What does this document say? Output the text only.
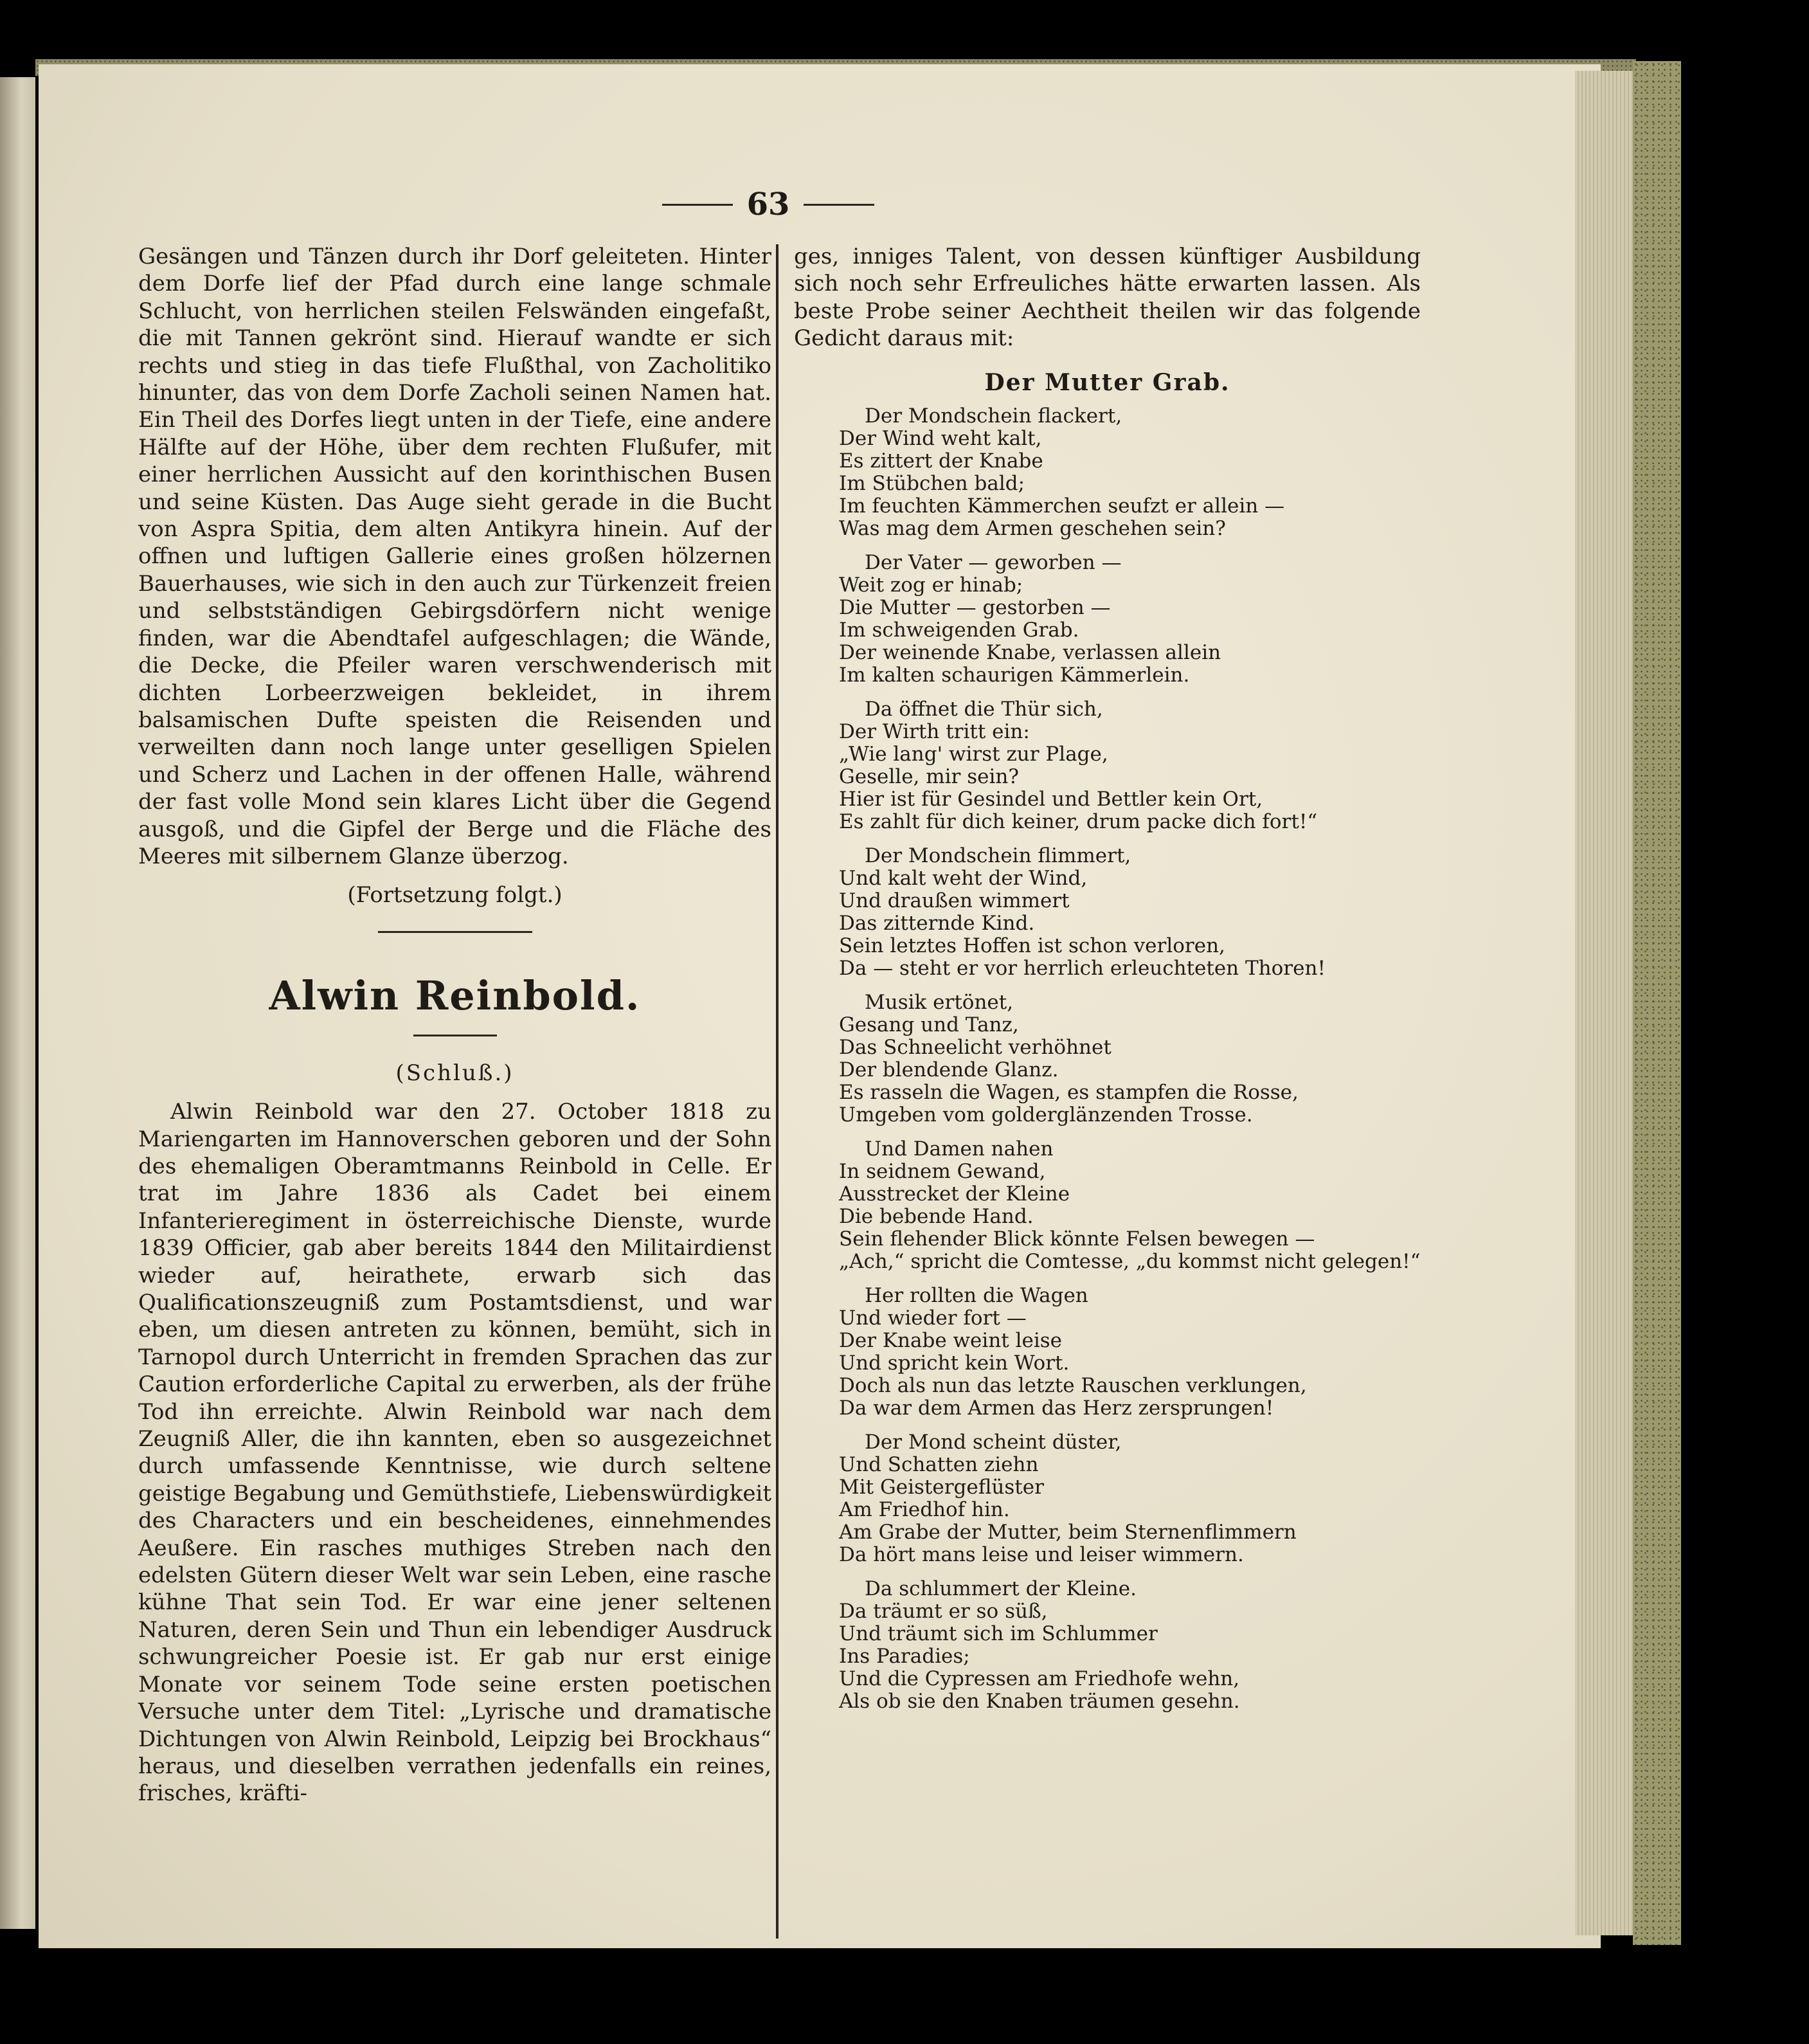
63

Gesängen und Tänzen durch ihr Dorf geleiteten. Hinter dem Dorfe lief der Pfad durch eine lange schmale Schlucht, von herrlichen steilen Felswänden eingefaßt, die mit Tannen gekrönt sind. Hierauf wandte er sich rechts und stieg in das tiefe Flußthal, von Zacholitiko hinunter, das von dem Dorfe Zacholi seinen Namen hat. Ein Theil des Dorfes liegt unten in der Tiefe, eine andere Hälfte auf der Höhe, über dem rechten Flußufer, mit einer herrlichen Aussicht auf den korinthischen Busen und seine Küsten. Das Auge sieht gerade in die Bucht von Aspra Spitia, dem alten Antikyra hinein. Auf der offnen und luftigen Gallerie eines großen hölzernen Bauerhauses, wie sich in den auch zur Türkenzeit freien und selbstständigen Gebirgsdörfern nicht wenige finden, war die Abendtafel aufgeschlagen; die Wände, die Decke, die Pfeiler waren verschwenderisch mit dichten Lorbeerzweigen bekleidet, in ihrem balsamischen Dufte speisten die Reisenden und verweilten dann noch lange unter geselligen Spielen und Scherz und Lachen in der offenen Halle, während der fast volle Mond sein klares Licht über die Gegend ausgoß, und die Gipfel der Berge und die Fläche des Meeres mit silbernem Glanze überzog.

(Fortsetzung folgt.)
Alwin Reinbold.
(Schluß.)

Alwin Reinbold war den 27. October 1818 zu Mariengarten im Hannoverschen geboren und der Sohn des ehemaligen Oberamtmanns Reinbold in Celle. Er trat im Jahre 1836 als Cadet bei einem Infanterieregiment in österreichische Dienste, wurde 1839 Officier, gab aber bereits 1844 den Militairdienst wieder auf, heirathete, erwarb sich das Qualificationszeugniß zum Postamtsdienst, und war eben, um diesen antreten zu können, bemüht, sich in Tarnopol durch Unterricht in fremden Sprachen das zur Caution erforderliche Capital zu erwerben, als der frühe Tod ihn erreichte. Alwin Reinbold war nach dem Zeugniß Aller, die ihn kannten, eben so ausgezeichnet durch umfassende Kenntnisse, wie durch seltene geistige Begabung und Gemüthstiefe, Liebenswürdigkeit des Characters und ein bescheidenes, einnehmendes Aeußere. Ein rasches muthiges Streben nach den edelsten Gütern dieser Welt war sein Leben, eine rasche kühne That sein Tod. Er war eine jener seltenen Naturen, deren Sein und Thun ein lebendiger Ausdruck schwungreicher Poesie ist. Er gab nur erst einige Monate vor seinem Tode seine ersten poetischen Versuche unter dem Titel: „Lyrische und dramatische Dichtungen von Alwin Reinbold, Leipzig bei Brockhaus“ heraus, und dieselben verrathen jedenfalls ein reines, frisches, kräfti-

ges, inniges Talent, von dessen künftiger Ausbildung sich noch sehr Erfreuliches hätte erwarten lassen. Als beste Probe seiner Aechtheit theilen wir das folgende Gedicht daraus mit:

Der Mutter Grab.
Der Mondschein flackert,
Der Wind weht kalt,
Es zittert der Knabe
Im Stübchen bald;
Im feuchten Kämmerchen seufzt er allein —
Was mag dem Armen geschehen sein?
Der Vater — geworben —
Weit zog er hinab;
Die Mutter — gestorben —
Im schweigenden Grab.
Der weinende Knabe, verlassen allein
Im kalten schaurigen Kämmerlein.
Da öffnet die Thür sich,
Der Wirth tritt ein:
„Wie lang' wirst zur Plage,
Geselle, mir sein?
Hier ist für Gesindel und Bettler kein Ort,
Es zahlt für dich keiner, drum packe dich fort!“
Der Mondschein flimmert,
Und kalt weht der Wind,
Und draußen wimmert
Das zitternde Kind.
Sein letztes Hoffen ist schon verloren,
Da — steht er vor herrlich erleuchteten Thoren!
Musik ertönet,
Gesang und Tanz,
Das Schneelicht verhöhnet
Der blendende Glanz.
Es rasseln die Wagen, es stampfen die Rosse,
Umgeben vom golderglänzenden Trosse.
Und Damen nahen
In seidnem Gewand,
Ausstrecket der Kleine
Die bebende Hand.
Sein flehender Blick könnte Felsen bewegen —
„Ach,“ spricht die Comtesse, „du kommst nicht gelegen!“
Her rollten die Wagen
Und wieder fort —
Der Knabe weint leise
Und spricht kein Wort.
Doch als nun das letzte Rauschen verklungen,
Da war dem Armen das Herz zersprungen!
Der Mond scheint düster,
Und Schatten ziehn
Mit Geistergeflüster
Am Friedhof hin.
Am Grabe der Mutter, beim Sternenflimmern
Da hört mans leise und leiser wimmern.
Da schlummert der Kleine.
Da träumt er so süß,
Und träumt sich im Schlummer
Ins Paradies;
Und die Cypressen am Friedhofe wehn,
Als ob sie den Knaben träumen gesehn.
